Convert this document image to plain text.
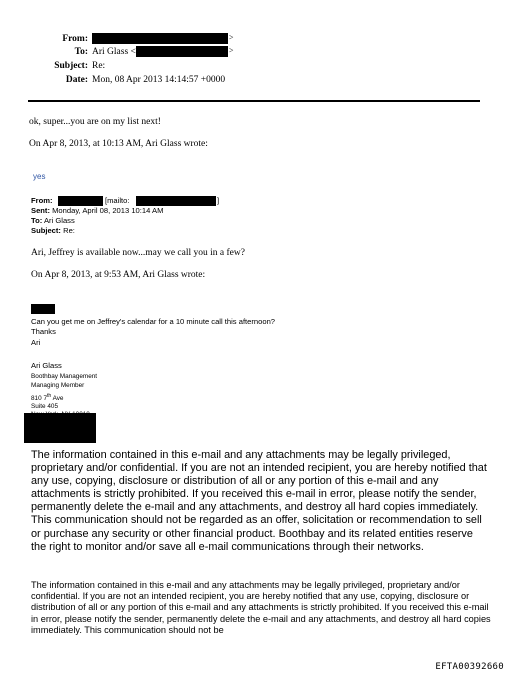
From:	>
To: Ari Glass <	>
Subject: Re:
Date: Mon, 08 Apr 2013 14:14:57 +0000
ok, super...you are on my list next!
On Apr 8, 2013, at 10:13 AM, Ari Glass wrote:
yes
From:	[mailto:	]
Sent: Monday, April 08, 2013 10:14 AM
To: Ari Glass
Subject: Re:
Ari, Jeffrey is available now...may we call you in a few?
On Apr 8, 2013, at 9:53 AM, Ari Glass wrote:
Can you get me on Jeffrey's calendar for a 10 minute call this afternoon?
Thanks
Ari
Ari Glass
Boothbay Management
Managing Member
810 7th Ave
Suite 405
The information contained in this e-mail and any attachments may be legally privileged, proprietary and/or confidential. If you are not an intended recipient, you are hereby notified that any use, copying, disclosure or distribution of all or any portion of this e-mail and any attachments is strictly prohibited. If you received this e-mail in error, please notify the sender, permanently delete the e-mail and any attachments, and destroy all hard copies immediately. This communication should not be regarded as an offer, solicitation or recommendation to sell or purchase any security or other financial product. Boothbay and its related entities reserve the right to monitor and/or save all e-mail communications through their networks.
The information contained in this e-mail and any attachments may be legally privileged, proprietary and/or confidential. If you are not an intended recipient, you are hereby notified that any use, copying, disclosure or distribution of all or any portion of this e-mail and any attachments is strictly prohibited. If you received this e-mail in error, please notify the sender, permanently delete the e-mail and any attachments, and destroy all hard copies immediately. This communication should not be
EFTA00392660
